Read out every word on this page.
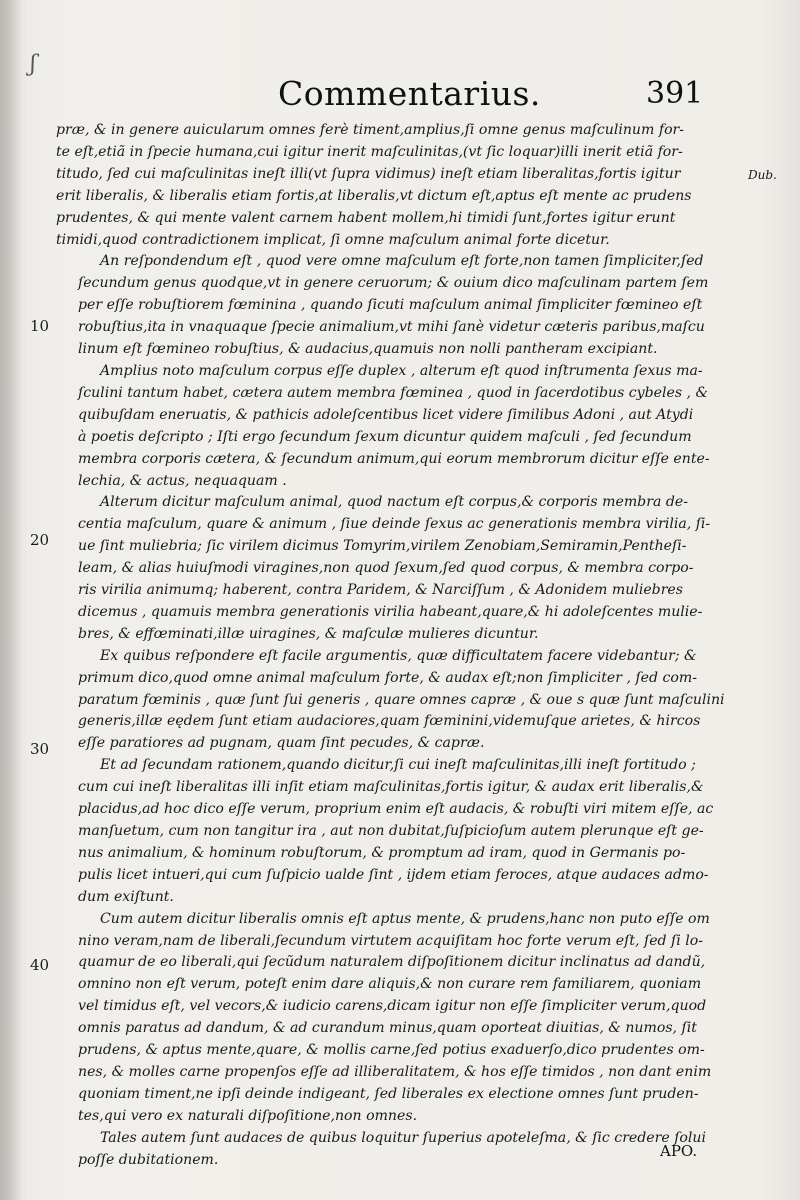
ʃ
Commentarius.	391
Dub.
10
20
30
40
præ, & in genere auicularum omnes ferè timent,amplius,ſi omne genus maſculinum for-
te eſt,etiã in ſpecie humana,cui igitur inerit maſculinitas,(vt ſic loquar)illi inerit etiã for-
titudo, ſed cui maſculinitas ineſt illi(vt ſupra vidimus) ineſt etiam liberalitas,fortis igitur
erit liberalis, & liberalis etiam fortis,at liberalis,vt dictum eſt,aptus eſt mente ac prudens
prudentes, & qui mente valent carnem habent mollem,hi timidi ſunt,fortes igitur erunt
timidi,quod contradictionem implicat, ſi omne maſculum animal forte dicetur.
An reſpondendum eſt , quod vere omne maſculum eſt forte,non tamen ſimpliciter,ſed
ſecundum genus quodque,vt in genere ceruorum; & ouium dico maſculinam partem ſem
per eſſe robuſtiorem fœminina , quando ſicuti maſculum animal ſimpliciter fœmineo eſt
robuſtius,ita in vnaquaque ſpecie animalium,vt mihi ſanè videtur cæteris paribus,maſcu
linum eſt fœmineo robuſtius, & audacius,quamuis non nolli pantheram excipiant.
Amplius noto maſculum corpus eſſe duplex , alterum eſt quod inſtrumenta ſexus ma-
ſculini tantum habet, cætera autem membra fœminea , quod in ſacerdotibus cybeles , &
quibuſdam eneruatis, & pathicis adoleſcentibus licet videre ſimilibus Adoni , aut Atydi
à poetis deſcripto ; Iſti ergo ſecundum ſexum dicuntur quidem maſculi , ſed ſecundum
membra corporis cætera, & ſecundum animum,qui eorum membrorum dicitur eſſe ente-
lechia, & actus, nequaquam .
Alterum dicitur maſculum animal, quod nactum eſt corpus,& corporis membra de-
centia maſculum, quare & animum , ſiue deinde ſexus ac generationis membra virilia, ſi-
ue ſint muliebria; ſic virilem dicimus Tomyrim,virilem Zenobiam,Semiramin,Pentheſi-
leam, & alias huiuſmodi viragines,non quod ſexum,ſed quod corpus, & membra corpo-
ris virilia animumq; haberent, contra Paridem, & Narciſſum , & Adonidem muliebres
dicemus , quamuis membra generationis virilia habeant,quare,& hi adoleſcentes mulie-
bres, & effœminati,illæ uiragines, & maſculæ mulieres dicuntur.
Ex quibus reſpondere eſt facile argumentis, quæ difficultatem facere videbantur; &
primum dico,quod omne animal maſculum forte, & audax eſt;non ſimpliciter , ſed com-
paratum fœminis , quæ ſunt ſui generis , quare omnes capræ , & oue s quæ ſunt maſculini
generis,illæ eędem ſunt etiam audaciores,quam fœminini,videmuſque arietes, & hircos
eſſe paratiores ad pugnam, quam ſint pecudes, & capræ.
Et ad ſecundam rationem,quando dicitur,ſi cui ineſt maſculinitas,illi ineſt fortitudo ;
cum cui ineſt liberalitas illi inſit etiam maſculinitas,fortis igitur, & audax erit liberalis,&
placidus,ad hoc dico eſſe verum, proprium enim eſt audacis, & robuſti viri mitem eſſe, ac
manſuetum, cum non tangitur ira , aut non dubitat,ſuſpicioſum autem plerunque eſt ge-
nus animalium, & hominum robuſtorum, & promptum ad iram, quod in Germanis po-
pulis licet intueri,qui cum ſuſpicio ualde ſint , ijdem etiam feroces, atque audaces admo-
dum exiſtunt.
Cum autem dicitur liberalis omnis eſt aptus mente, & prudens,hanc non puto eſſe om
nino veram,nam de liberali,ſecundum virtutem acquiſitam hoc forte verum eſt, ſed ſi lo-
quamur de eo liberali,qui ſecũdum naturalem diſpoſitionem dicitur inclinatus ad dandũ,
omnino non eſt verum, poteſt enim dare aliquis,& non curare rem familiarem, quoniam
vel timidus eſt, vel vecors,& iudicio carens,dicam igitur non eſſe ſimpliciter verum,quod
omnis paratus ad dandum, & ad curandum minus,quam oporteat diuitias, & numos, ſit
prudens, & aptus mente,quare, & mollis carne,ſed potius exaduerſo,dico prudentes om-
nes, & molles carne propenſos eſſe ad illiberalitatem, & hos eſſe timidos , non dant enim
quoniam timent,ne ipſi deinde indigeant, ſed liberales ex electione omnes ſunt pruden-
tes,qui vero ex naturali diſpoſitione,non omnes.
Tales autem ſunt audaces de quibus loquitur ſuperius apoteleſma, & ſic credere ſolui
poſſe dubitationem.	APO.
